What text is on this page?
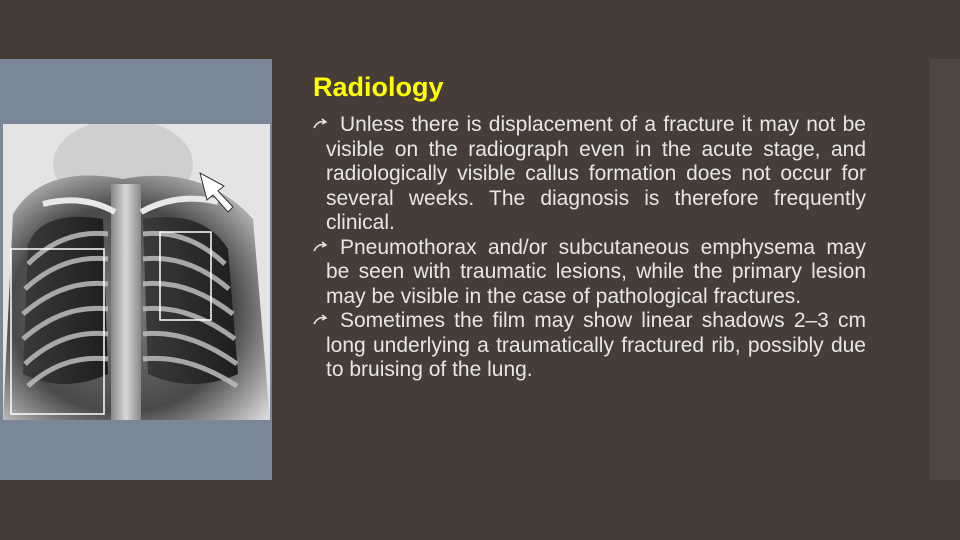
Radiology
Unless there is displacement of a fracture it may not be visible on the radiograph even in the acute stage, and radiologically visible callus formation does not occur for several weeks. The diagnosis is therefore frequently clinical.
Pneumothorax and/or subcutaneous emphysema may be seen with traumatic lesions, while the primary lesion may be visible in the case of pathological fractures.
Sometimes the film may show linear shadows 2–3 cm long underlying a traumatically fractured rib, possibly due to bruising of the lung.
